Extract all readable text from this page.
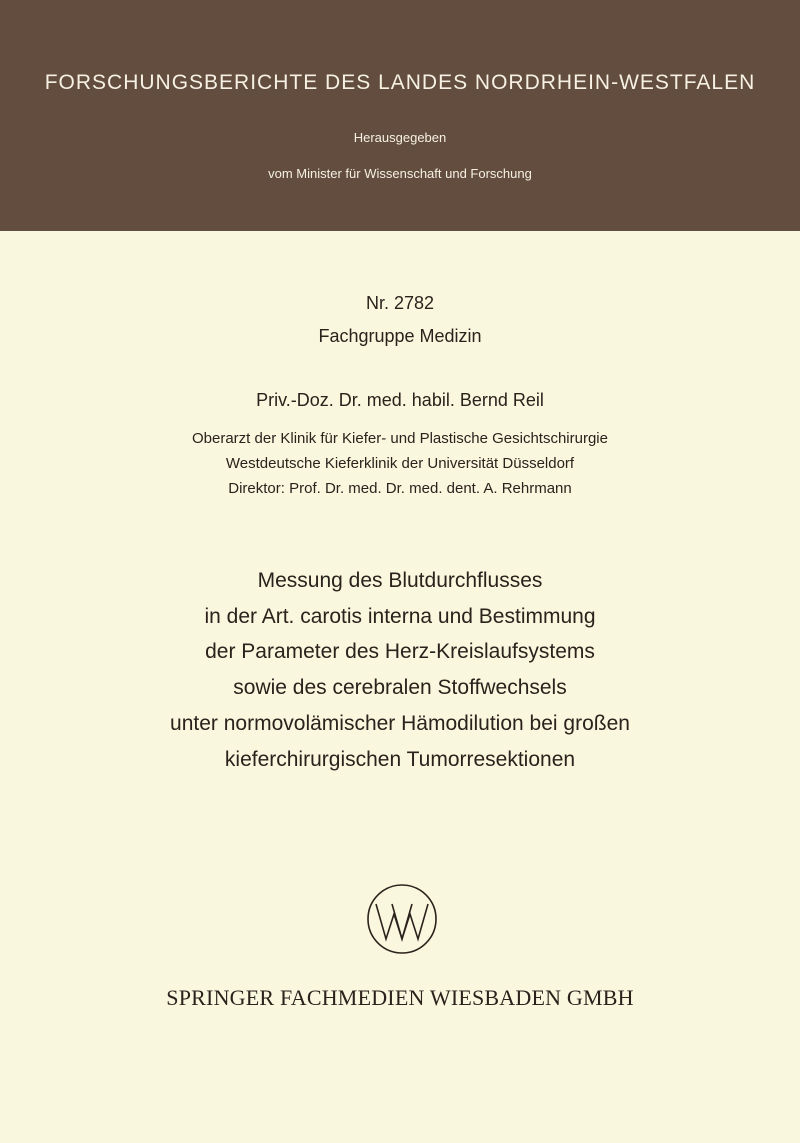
FORSCHUNGSBERICHTE DES LANDES NORDRHEIN-WESTFALEN
Herausgegeben
vom Minister für Wissenschaft und Forschung
Nr. 2782
Fachgruppe Medizin
Priv.-Doz. Dr. med. habil. Bernd Reil
Oberarzt der Klinik für Kiefer- und Plastische Gesichtschirurgie
Westdeutsche Kieferklinik der Universität Düsseldorf
Direktor: Prof. Dr. med. Dr. med. dent. A. Rehrmann
Messung des Blutdurchflusses
in der Art. carotis interna und Bestimmung
der Parameter des Herz-Kreislaufsystems
sowie des cerebralen Stoffwechsels
unter normovolämischer Hämodilution bei großen
kieferchirurgischen Tumorresektionen
SPRINGER FACHMEDIEN WIESBADEN GMBH
